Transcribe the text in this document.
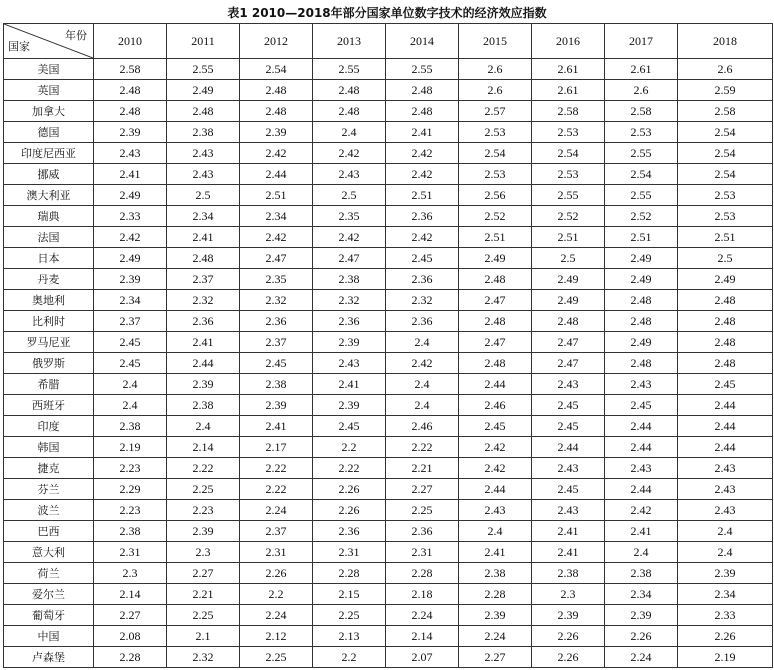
表1 2010—2018年部分国家单位数字技术的经济效应指数
年份
国家	2010	2011	2012	2013	2014	2015	2016	2017	2018
美国	2.58	2.55	2.54	2.55	2.55	2.6	2.61	2.61	2.6
英国	2.48	2.49	2.48	2.48	2.48	2.6	2.61	2.6	2.59
加拿大	2.48	2.48	2.48	2.48	2.48	2.57	2.58	2.58	2.58
德国	2.39	2.38	2.39	2.4	2.41	2.53	2.53	2.53	2.54
印度尼西亚	2.43	2.43	2.42	2.42	2.42	2.54	2.54	2.55	2.54
挪威	2.41	2.43	2.44	2.43	2.42	2.53	2.53	2.54	2.54
澳大利亚	2.49	2.5	2.51	2.5	2.51	2.56	2.55	2.55	2.53
瑞典	2.33	2.34	2.34	2.35	2.36	2.52	2.52	2.52	2.53
法国	2.42	2.41	2.42	2.42	2.42	2.51	2.51	2.51	2.51
日本	2.49	2.48	2.47	2.47	2.45	2.49	2.5	2.49	2.5
丹麦	2.39	2.37	2.35	2.38	2.36	2.48	2.49	2.49	2.49
奥地利	2.34	2.32	2.32	2.32	2.32	2.47	2.49	2.48	2.48
比利时	2.37	2.36	2.36	2.36	2.36	2.48	2.48	2.48	2.48
罗马尼亚	2.45	2.41	2.37	2.39	2.4	2.47	2.47	2.49	2.48
俄罗斯	2.45	2.44	2.45	2.43	2.42	2.48	2.47	2.48	2.48
希腊	2.4	2.39	2.38	2.41	2.4	2.44	2.43	2.43	2.45
西班牙	2.4	2.38	2.39	2.39	2.4	2.46	2.45	2.45	2.44
印度	2.38	2.4	2.41	2.45	2.46	2.45	2.45	2.44	2.44
韩国	2.19	2.14	2.17	2.2	2.22	2.42	2.44	2.44	2.44
捷克	2.23	2.22	2.22	2.22	2.21	2.42	2.43	2.43	2.43
芬兰	2.29	2.25	2.22	2.26	2.27	2.44	2.45	2.44	2.43
波兰	2.23	2.23	2.24	2.26	2.25	2.43	2.43	2.42	2.43
巴西	2.38	2.39	2.37	2.36	2.36	2.4	2.41	2.41	2.4
意大利	2.31	2.3	2.31	2.31	2.31	2.41	2.41	2.4	2.4
荷兰	2.3	2.27	2.26	2.28	2.28	2.38	2.38	2.38	2.39
爱尔兰	2.14	2.21	2.2	2.15	2.18	2.28	2.3	2.34	2.34
葡萄牙	2.27	2.25	2.24	2.25	2.24	2.39	2.39	2.39	2.33
中国	2.08	2.1	2.12	2.13	2.14	2.24	2.26	2.26	2.26
卢森堡	2.28	2.32	2.25	2.2	2.07	2.27	2.26	2.24	2.19
